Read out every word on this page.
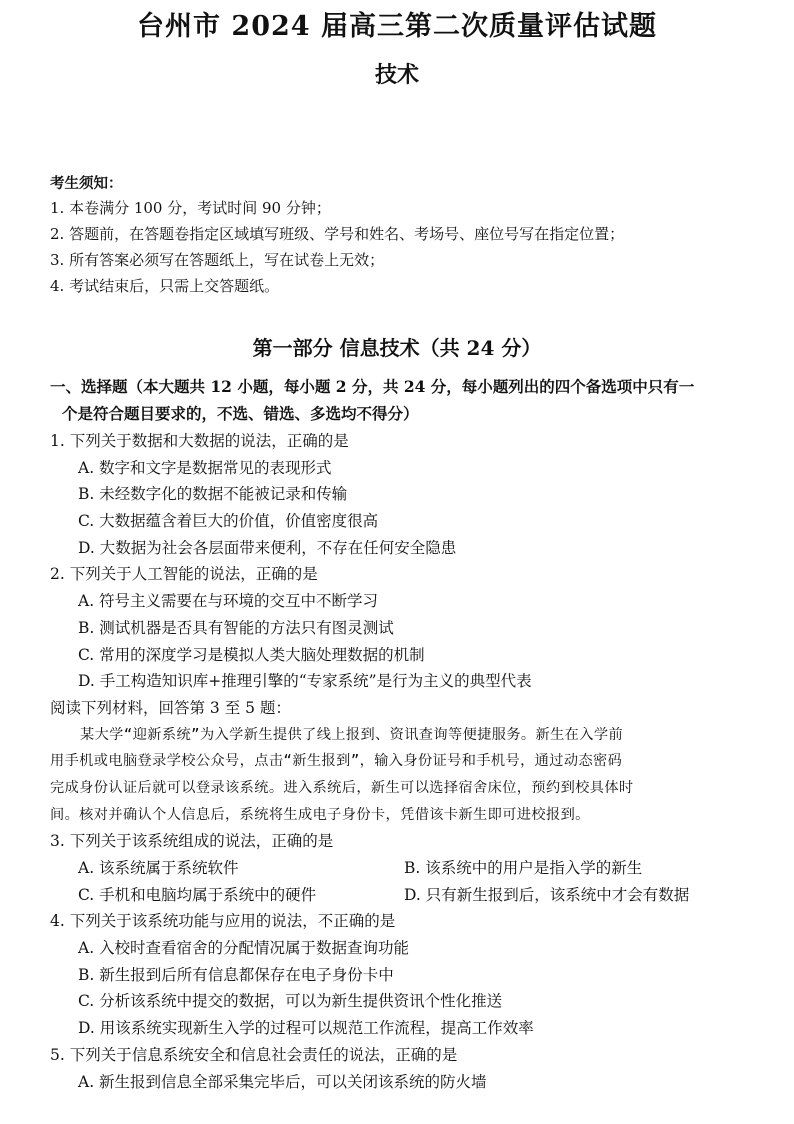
台州市 2024 届高三第二次质量评估试题
技术
考生须知：
1. 本卷满分 100 分，考试时间 90 分钟；
2. 答题前，在答题卷指定区域填写班级、学号和姓名、考场号、座位号写在指定位置；
3. 所有答案必须写在答题纸上，写在试卷上无效；
4. 考试结束后，只需上交答题纸。
第一部分 信息技术（共 24 分）
一、选择题（本大题共 12 小题，每小题 2 分，共 24 分，每小题列出的四个备选项中只有一
个是符合题目要求的，不选、错选、多选均不得分）
1. 下列关于数据和大数据的说法，正确的是
A. 数字和文字是数据常见的表现形式
B. 未经数字化的数据不能被记录和传输
C. 大数据蕴含着巨大的价值，价值密度很高
D. 大数据为社会各层面带来便利，不存在任何安全隐患
2. 下列关于人工智能的说法，正确的是
A. 符号主义需要在与环境的交互中不断学习
B. 测试机器是否具有智能的方法只有图灵测试
C. 常用的深度学习是模拟人类大脑处理数据的机制
D. 手工构造知识库+推理引擎的“专家系统”是行为主义的典型代表
阅读下列材料，回答第 3 至 5 题：
某大学“迎新系统”为入学新生提供了线上报到、资讯查询等便捷服务。新生在入学前
用手机或电脑登录学校公众号，点击“新生报到”，输入身份证号和手机号，通过动态密码
完成身份认证后就可以登录该系统。进入系统后，新生可以选择宿舍床位，预约到校具体时
间。核对并确认个人信息后，系统将生成电子身份卡，凭借该卡新生即可进校报到。
3. 下列关于该系统组成的说法，正确的是
A. 该系统属于系统软件	B. 该系统中的用户是指入学的新生
C. 手机和电脑均属于系统中的硬件	D. 只有新生报到后，该系统中才会有数据
4. 下列关于该系统功能与应用的说法，不正确的是
A. 入校时查看宿舍的分配情况属于数据查询功能
B. 新生报到后所有信息都保存在电子身份卡中
C. 分析该系统中提交的数据，可以为新生提供资讯个性化推送
D. 用该系统实现新生入学的过程可以规范工作流程，提高工作效率
5. 下列关于信息系统安全和信息社会责任的说法，正确的是
A. 新生报到信息全部采集完毕后，可以关闭该系统的防火墙
